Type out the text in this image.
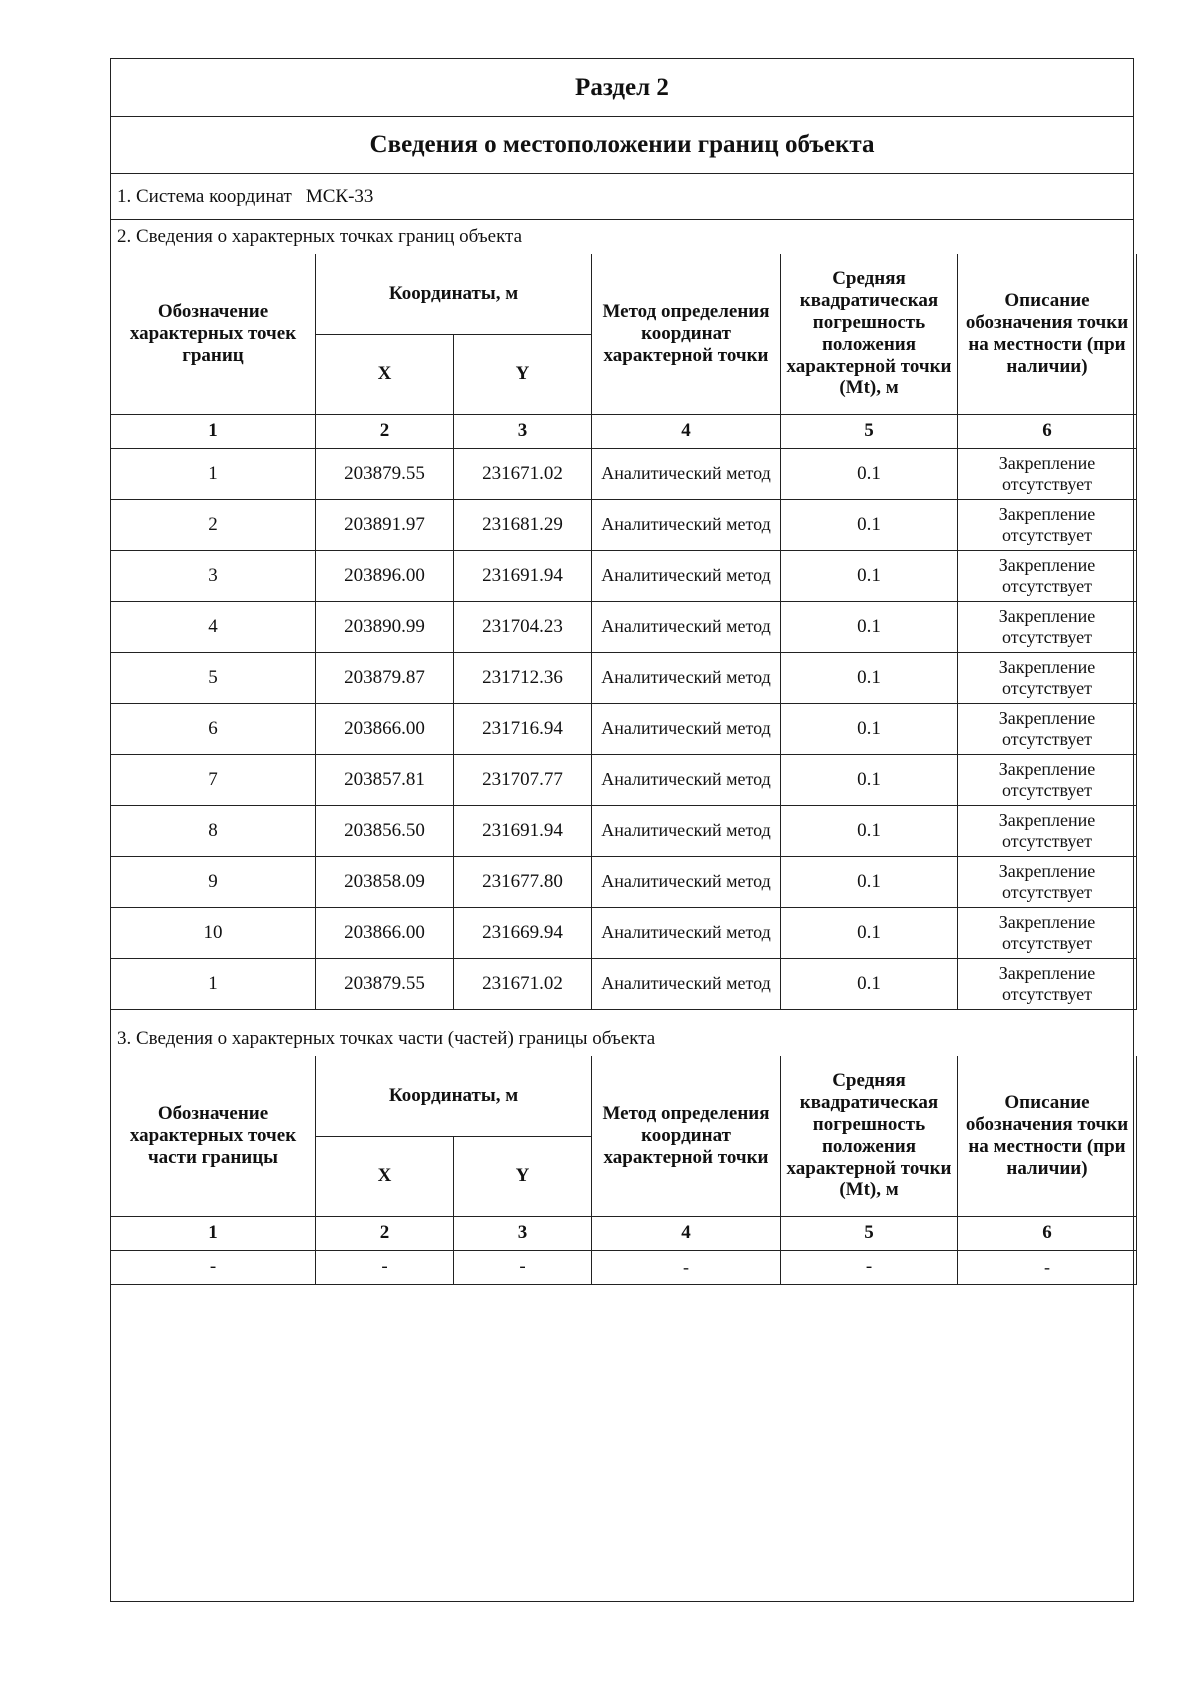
Раздел 2
Сведения о местоположении границ объекта
1. Система координат МСК-33
2. Сведения о характерных точках границ объекта
Обозначение характерных точек границ	Координаты, м		Метод определения координат характерной точки	Средняя квадратическая погрешность положения характерной точки (Mt), м	Описание обозначения точки на местности (при наличии)
	X	Y			
1	2	3	4	5	6
1	203879.55	231671.02	Аналитический метод	0.1	Закрепление отсутствует
2	203891.97	231681.29	Аналитический метод	0.1	Закрепление отсутствует
3	203896.00	231691.94	Аналитический метод	0.1	Закрепление отсутствует
4	203890.99	231704.23	Аналитический метод	0.1	Закрепление отсутствует
5	203879.87	231712.36	Аналитический метод	0.1	Закрепление отсутствует
6	203866.00	231716.94	Аналитический метод	0.1	Закрепление отсутствует
7	203857.81	231707.77	Аналитический метод	0.1	Закрепление отсутствует
8	203856.50	231691.94	Аналитический метод	0.1	Закрепление отсутствует
9	203858.09	231677.80	Аналитический метод	0.1	Закрепление отсутствует
10	203866.00	231669.94	Аналитический метод	0.1	Закрепление отсутствует
1	203879.55	231671.02	Аналитический метод	0.1	Закрепление отсутствует
3. Сведения о характерных точках части (частей) границы объекта
Обозначение характерных точек части границы	Координаты, м		Метод определения координат характерной точки	Средняя квадратическая погрешность положения характерной точки (Mt), м	Описание обозначения точки на местности (при наличии)
	X	Y			
1	2	3	4	5	6
-	-	-	-	-	-
